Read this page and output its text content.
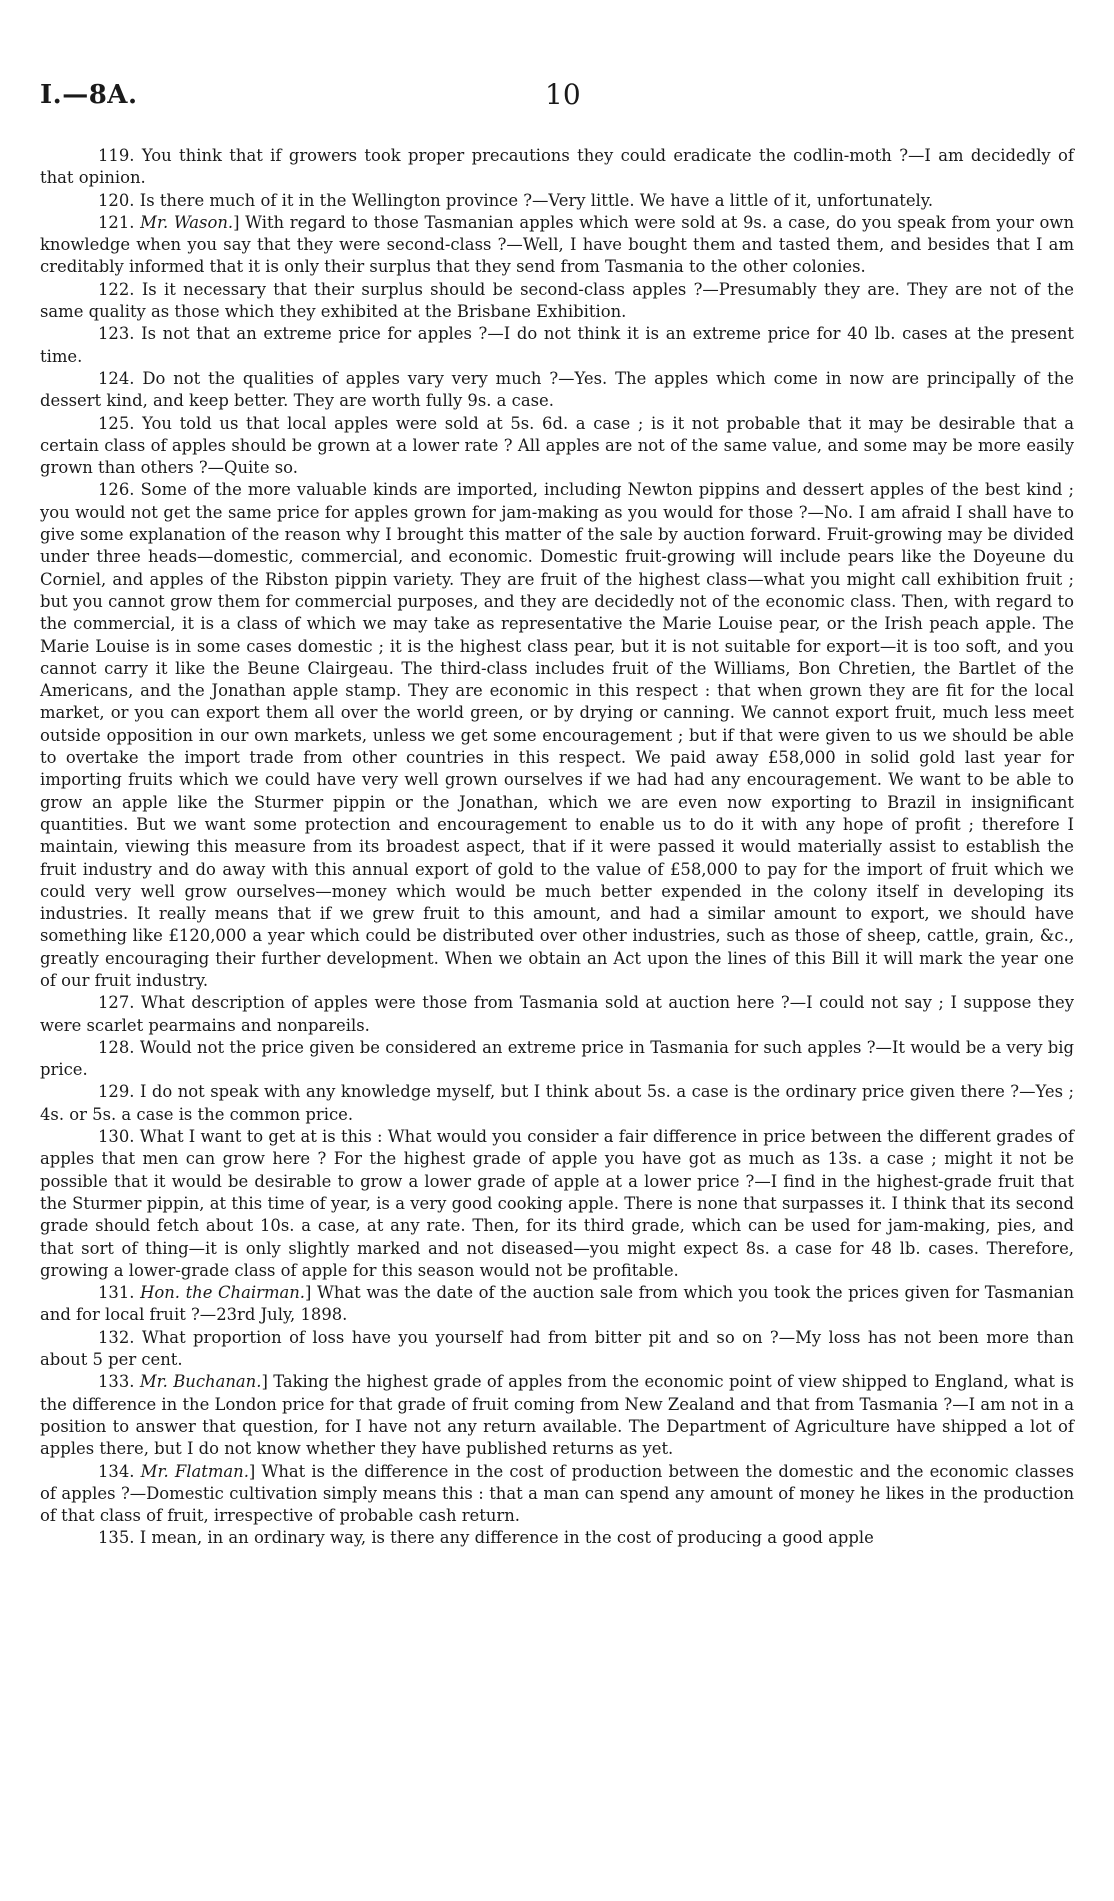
I.—8A.	10

119. You think that if growers took proper precautions they could eradicate the codlin-moth ?—I am decidedly of that opinion.

120. Is there much of it in the Wellington province ?—Very little. We have a little of it, unfortunately.

121. Mr. Wason.] With regard to those Tasmanian apples which were sold at 9s. a case, do you speak from your own knowledge when you say that they were second-class ?—Well, I have bought them and tasted them, and besides that I am creditably informed that it is only their surplus that they send from Tasmania to the other colonies.

122. Is it necessary that their surplus should be second-class apples ?—Presumably they are. They are not of the same quality as those which they exhibited at the Brisbane Exhibition.

123. Is not that an extreme price for apples ?—I do not think it is an extreme price for 40 lb. cases at the present time.

124. Do not the qualities of apples vary very much ?—Yes. The apples which come in now are principally of the dessert kind, and keep better. They are worth fully 9s. a case.

125. You told us that local apples were sold at 5s. 6d. a case ; is it not probable that it may be desirable that a certain class of apples should be grown at a lower rate ? All apples are not of the same value, and some may be more easily grown than others ?—Quite so.

126. Some of the more valuable kinds are imported, including Newton pippins and dessert apples of the best kind ; you would not get the same price for apples grown for jam-making as you would for those ?—No. I am afraid I shall have to give some explanation of the reason why I brought this matter of the sale by auction forward. Fruit-growing may be divided under three heads—domestic, commercial, and economic. Domestic fruit-growing will include pears like the Doyeune du Corniel, and apples of the Ribston pippin variety. They are fruit of the highest class—what you might call exhibition fruit ; but you cannot grow them for commercial purposes, and they are decidedly not of the economic class. Then, with regard to the commercial, it is a class of which we may take as representative the Marie Louise pear, or the Irish peach apple. The Marie Louise is in some cases domestic ; it is the highest class pear, but it is not suitable for export—it is too soft, and you cannot carry it like the Beune Clairgeau. The third-class includes fruit of the Williams, Bon Chretien, the Bartlet of the Americans, and the Jonathan apple stamp. They are economic in this respect : that when grown they are fit for the local market, or you can export them all over the world green, or by drying or canning. We cannot export fruit, much less meet outside opposition in our own markets, unless we get some encouragement ; but if that were given to us we should be able to overtake the import trade from other countries in this respect. We paid away £58,000 in solid gold last year for importing fruits which we could have very well grown ourselves if we had had any encouragement. We want to be able to grow an apple like the Sturmer pippin or the Jonathan, which we are even now exporting to Brazil in insignificant quantities. But we want some protection and encouragement to enable us to do it with any hope of profit ; therefore I maintain, viewing this measure from its broadest aspect, that if it were passed it would materially assist to establish the fruit industry and do away with this annual export of gold to the value of £58,000 to pay for the import of fruit which we could very well grow ourselves—money which would be much better expended in the colony itself in developing its industries. It really means that if we grew fruit to this amount, and had a similar amount to export, we should have something like £120,000 a year which could be distributed over other industries, such as those of sheep, cattle, grain, &c., greatly encouraging their further development. When we obtain an Act upon the lines of this Bill it will mark the year one of our fruit industry.

127. What description of apples were those from Tasmania sold at auction here ?—I could not say ; I suppose they were scarlet pearmains and nonpareils.

128. Would not the price given be considered an extreme price in Tasmania for such apples ?—It would be a very big price.

129. I do not speak with any knowledge myself, but I think about 5s. a case is the ordinary price given there ?—Yes ; 4s. or 5s. a case is the common price.

130. What I want to get at is this : What would you consider a fair difference in price between the different grades of apples that men can grow here ? For the highest grade of apple you have got as much as 13s. a case ; might it not be possible that it would be desirable to grow a lower grade of apple at a lower price ?—I find in the highest-grade fruit that the Sturmer pippin, at this time of year, is a very good cooking apple. There is none that surpasses it. I think that its second grade should fetch about 10s. a case, at any rate. Then, for its third grade, which can be used for jam-making, pies, and that sort of thing—it is only slightly marked and not diseased—you might expect 8s. a case for 48 lb. cases. Therefore, growing a lower-grade class of apple for this season would not be profitable.

131. Hon. the Chairman.] What was the date of the auction sale from which you took the prices given for Tasmanian and for local fruit ?—23rd July, 1898.

132. What proportion of loss have you yourself had from bitter pit and so on ?—My loss has not been more than about 5 per cent.

133. Mr. Buchanan.] Taking the highest grade of apples from the economic point of view shipped to England, what is the difference in the London price for that grade of fruit coming from New Zealand and that from Tasmania ?—I am not in a position to answer that question, for I have not any return available. The Department of Agriculture have shipped a lot of apples there, but I do not know whether they have published returns as yet.

134. Mr. Flatman.] What is the difference in the cost of production between the domestic and the economic classes of apples ?—Domestic cultivation simply means this : that a man can spend any amount of money he likes in the production of that class of fruit, irrespective of probable cash return.

135. I mean, in an ordinary way, is there any difference in the cost of producing a good apple
